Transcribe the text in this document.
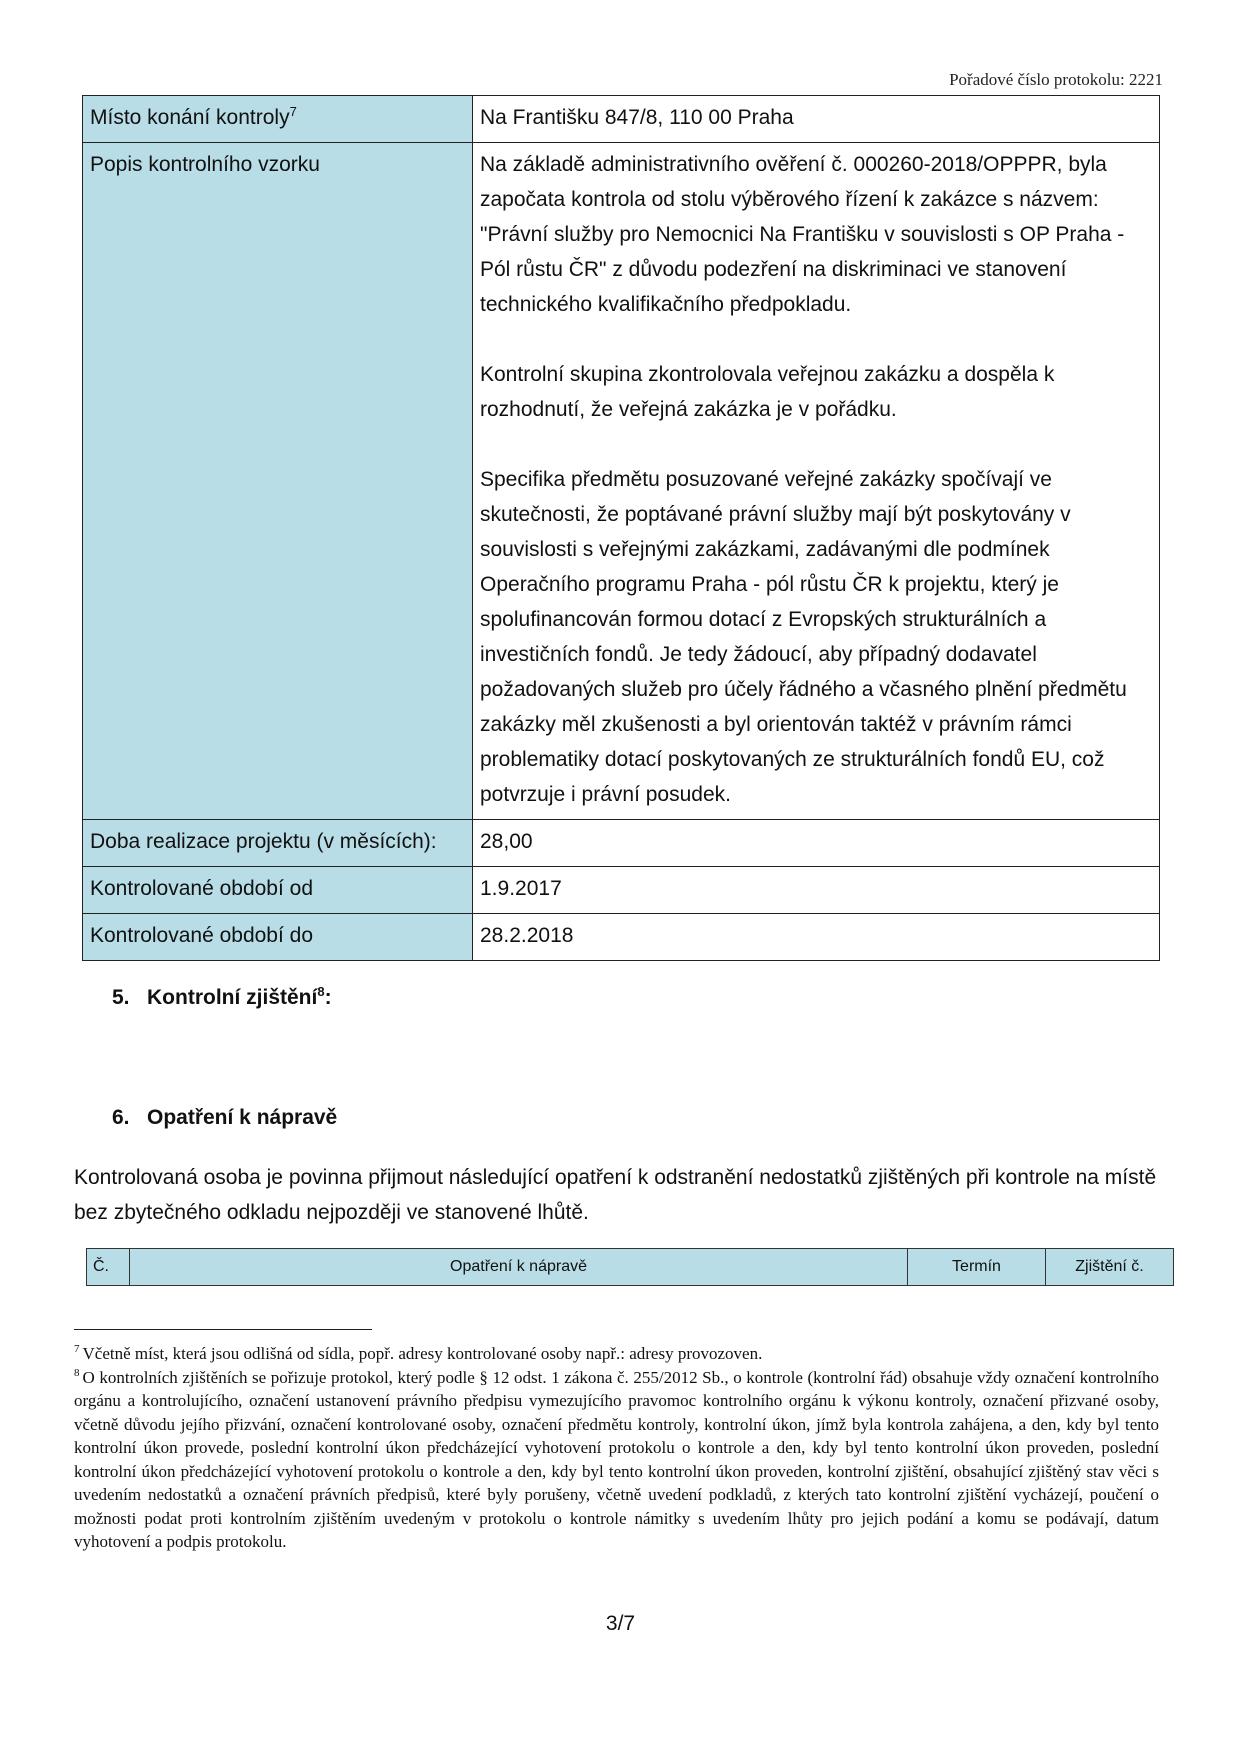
Pořadové číslo protokolu: 2221
Místo konání kontroly$^7$	Na Františku 847/8, 110 00 Praha
Popis kontrolního vzorku	Na základě administrativního ověření č. 000260-2018/OPPPR, byla započata kontrola od stolu výběrového řízení k zakázce s názvem: "Právní služby pro Nemocnici Na Františku v souvislosti s OP Praha - Pól růstu ČR" z důvodu podezření na diskriminaci ve stanovení technického kvalifikačního předpokladu.

Kontrolní skupina zkontrolovala veřejnou zakázku a dospěla k rozhodnutí, že veřejná zakázka je v pořádku.

Specifika předmětu posuzované veřejné zakázky spočívají ve skutečnosti, že poptávané právní služby mají být poskytovány v souvislosti s veřejnými zakázkami, zadávanými dle podmínek Operačního programu Praha - pól růstu ČR k projektu, který je spolufinancován formou dotací z Evropských strukturálních a investičních fondů. Je tedy žádoucí, aby případný dodavatel požadovaných služeb pro účely řádného a včasného plnění předmětu zakázky měl zkušenosti a byl orientován taktéž v právním rámci problematiky dotací poskytovaných ze strukturálních fondů EU, což potvrzuje i právní posudek.

Doba realizace projektu (v měsících):	28,00
Kontrolované období od	1.9.2017
Kontrolované období do	28.2.2018
5. Kontrolní zjištění$^8$:
6. Opatření k nápravě

Kontrolovaná osoba je povinna přijmout následující opatření k odstranění nedostatků zjištěných při kontrole na místě bez zbytečného odkladu nejpozději ve stanovené lhůtě.

Č.	Opatření k nápravě	Termín	Zjištění č.

$^7$ Včetně míst, která jsou odlišná od sídla, popř. adresy kontrolované osoby např.: adresy provozoven.

$^8$ O kontrolních zjištěních se pořizuje protokol, který podle § 12 odst. 1 zákona č. 255/2012 Sb., o kontrole (kontrolní řád) obsahuje vždy označení kontrolního orgánu a kontrolujícího, označení ustanovení právního předpisu vymezujícího pravomoc kontrolního orgánu k výkonu kontroly, označení přizvané osoby, včetně důvodu jejího přizvání, označení kontrolované osoby, označení předmětu kontroly, kontrolní úkon, jímž byla kontrola zahájena, a den, kdy byl tento kontrolní úkon provede, poslední kontrolní úkon předcházející vyhotovení protokolu o kontrole a den, kdy byl tento kontrolní úkon proveden, poslední kontrolní úkon předcházející vyhotovení protokolu o kontrole a den, kdy byl tento kontrolní úkon proveden, kontrolní zjištění, obsahující zjištěný stav věci s uvedením nedostatků a označení právních předpisů, které byly porušeny, včetně uvedení podkladů, z kterých tato kontrolní zjištění vycházejí, poučení o možnosti podat proti kontrolním zjištěním uvedeným v protokolu o kontrole námitky s uvedením lhůty pro jejich podání a komu se podávají, datum vyhotovení a podpis protokolu.

3/7
